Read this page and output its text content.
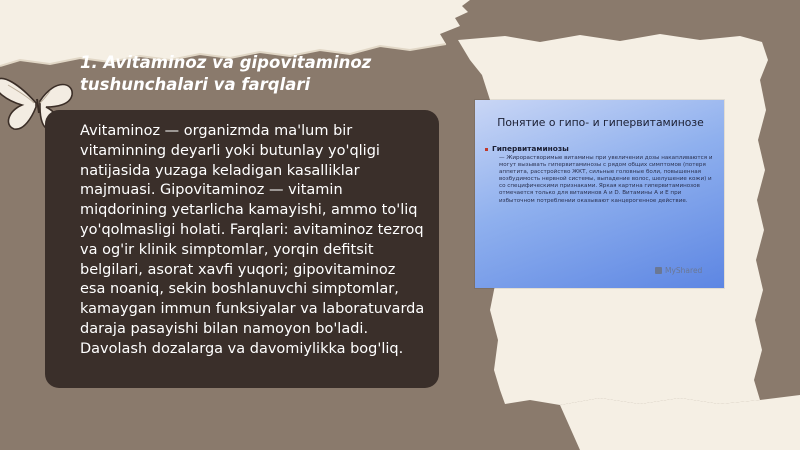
1. Avitaminoz va gipovitaminoz tushunchalari va farqlari

Avitaminoz — organizmda ma'lum bir vitaminning deyarli yoki butunlay yo'qligi natijasida yuzaga keladigan kasalliklar majmuasi. Gipovitaminoz — vitamin miqdorining yetarlicha kamayishi, ammo to'liq yo'qolmasligi holati. Farqlari: avitaminoz tezroq va og'ir klinik simptomlar, yorqin defitsit belgilari, asorat xavfi yuqori; gipovitaminoz esa noaniq, sekin boshlanuvchi simptomlar, kamaygan immun funksiyalar va laboratuvarda daraja pasayishi bilan namoyon bo'ladi. Davolash dozalarga va davomiylikka bog'liq.

Понятие о гипо- и гипервитаминозе

Гипервитаминозы

— Жирорастворимые витамины при увеличении дозы накапливаются и могут вызывать гипервитаминозы с рядом общих симптомов (потеря аппетита, расстройство ЖКТ, сильные головные боли, повышенная возбудимость нервной системы, выпадение волос, шелушение кожи) и со специфическими признаками. Яркая картина гипервитаминозов отмечается только для витаминов А и D. Витамины А и Е при избыточном потреблении оказывают канцерогенное действие.

MyShared
